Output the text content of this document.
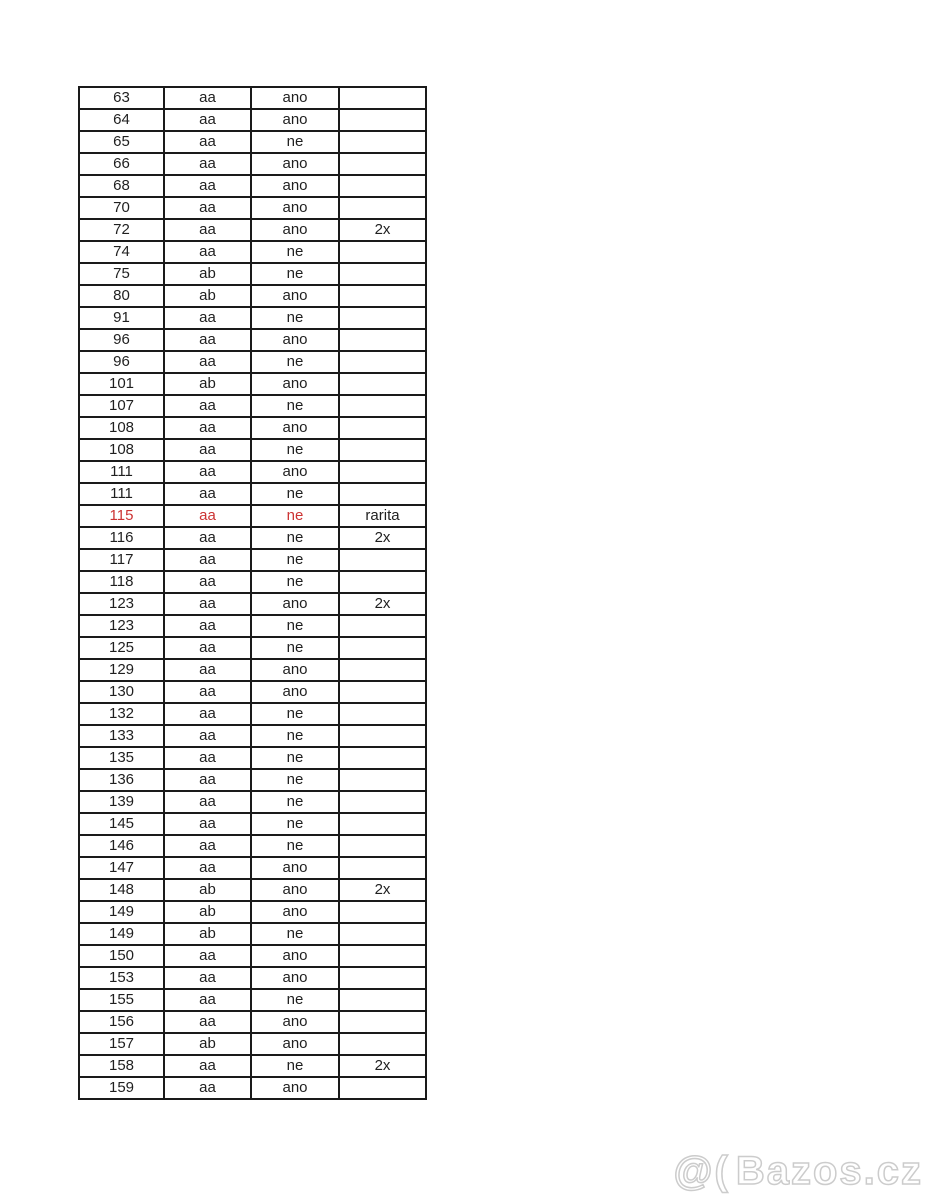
63	aa	ano	
64	aa	ano	
65	aa	ne	
66	aa	ano	
68	aa	ano	
70	aa	ano	
72	aa	ano	2x
74	aa	ne	
75	ab	ne	
80	ab	ano	
91	aa	ne	
96	aa	ano	
96	aa	ne	
101	ab	ano	
107	aa	ne	
108	aa	ano	
108	aa	ne	
111	aa	ano	
111	aa	ne	
115	aa	ne	rarita
116	aa	ne	2x
117	aa	ne	
118	aa	ne	
123	aa	ano	2x
123	aa	ne	
125	aa	ne	
129	aa	ano	
130	aa	ano	
132	aa	ne	
133	aa	ne	
135	aa	ne	
136	aa	ne	
139	aa	ne	
145	aa	ne	
146	aa	ne	
147	aa	ano	
148	ab	ano	2x
149	ab	ano	
149	ab	ne	
150	aa	ano	
153	aa	ano	
155	aa	ne	
156	aa	ano	
157	ab	ano	
158	aa	ne	2x
159	aa	ano	
@( Bazos.cz
